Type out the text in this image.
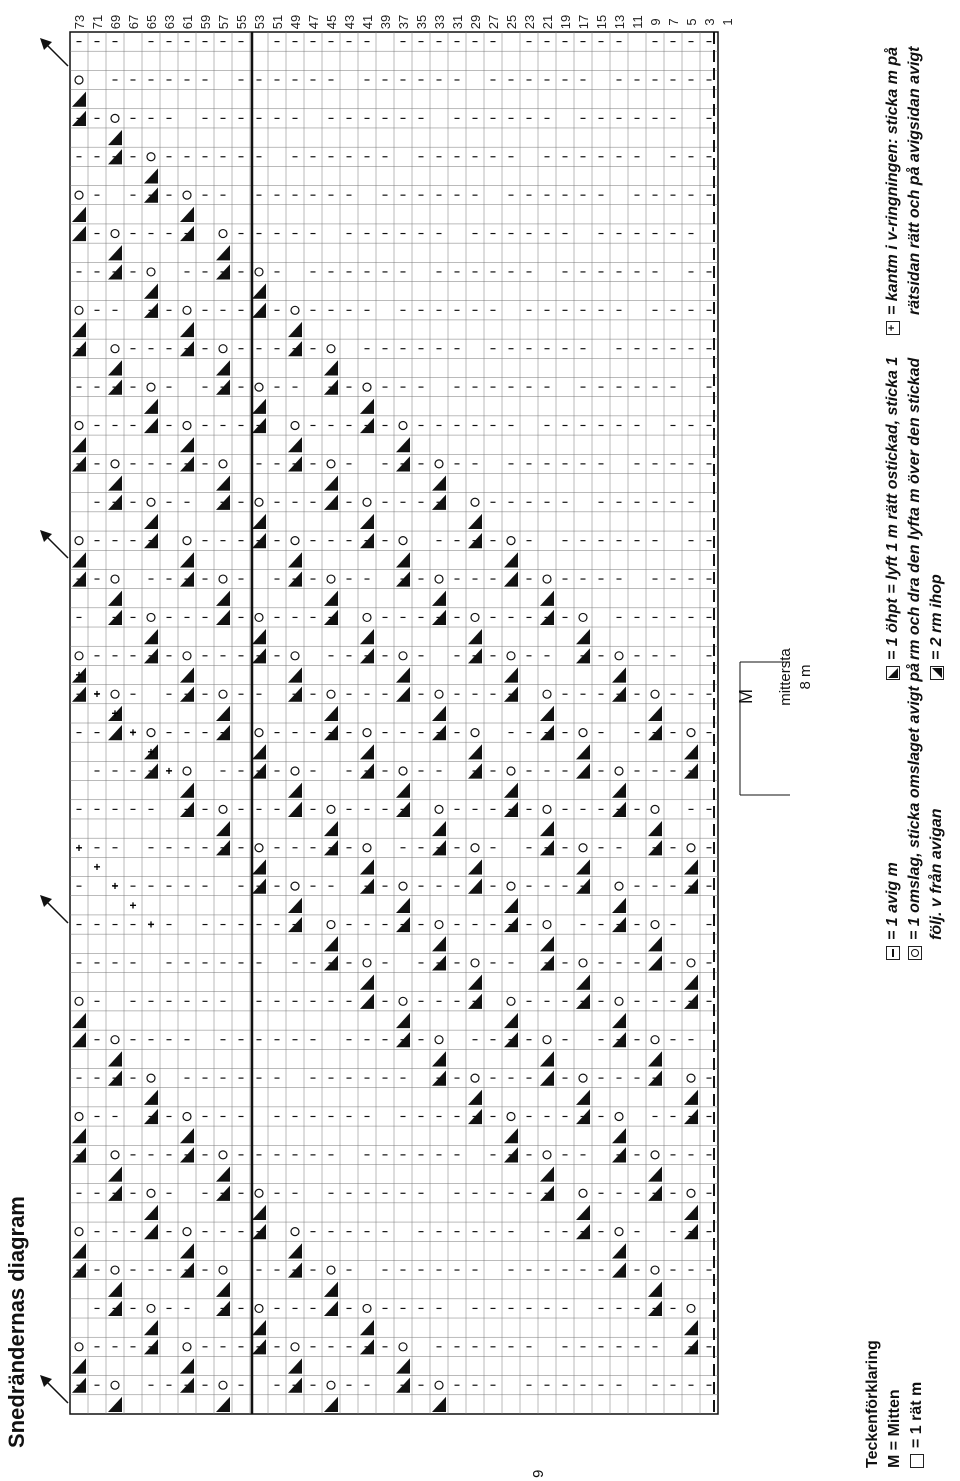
+
+
+
+
+
+
+
+
+
+
+
73 71 69 67 65 63 61 59 57 55 53 51 49 47 45 43 41 39 37 35 33 31 29 27 25 23 21 19 17 15 13 11 9 7 5 3 1
Snedrändernas diagram
9
M mittersta 8 m
Teckenförklaring M = Mitten = 1 rät m
= 1 avig m = 1 omslag, sticka omslaget avigt på följ. v från avigan
= 1 öhpt = lyft 1 m rätt ostickad, sticka 1 rm och dra den lyfta m över den stickad = 2 rm ihop
+= kantm i v-ringningen: sticka m på rätsidan rätt och på avigsidan avigt
